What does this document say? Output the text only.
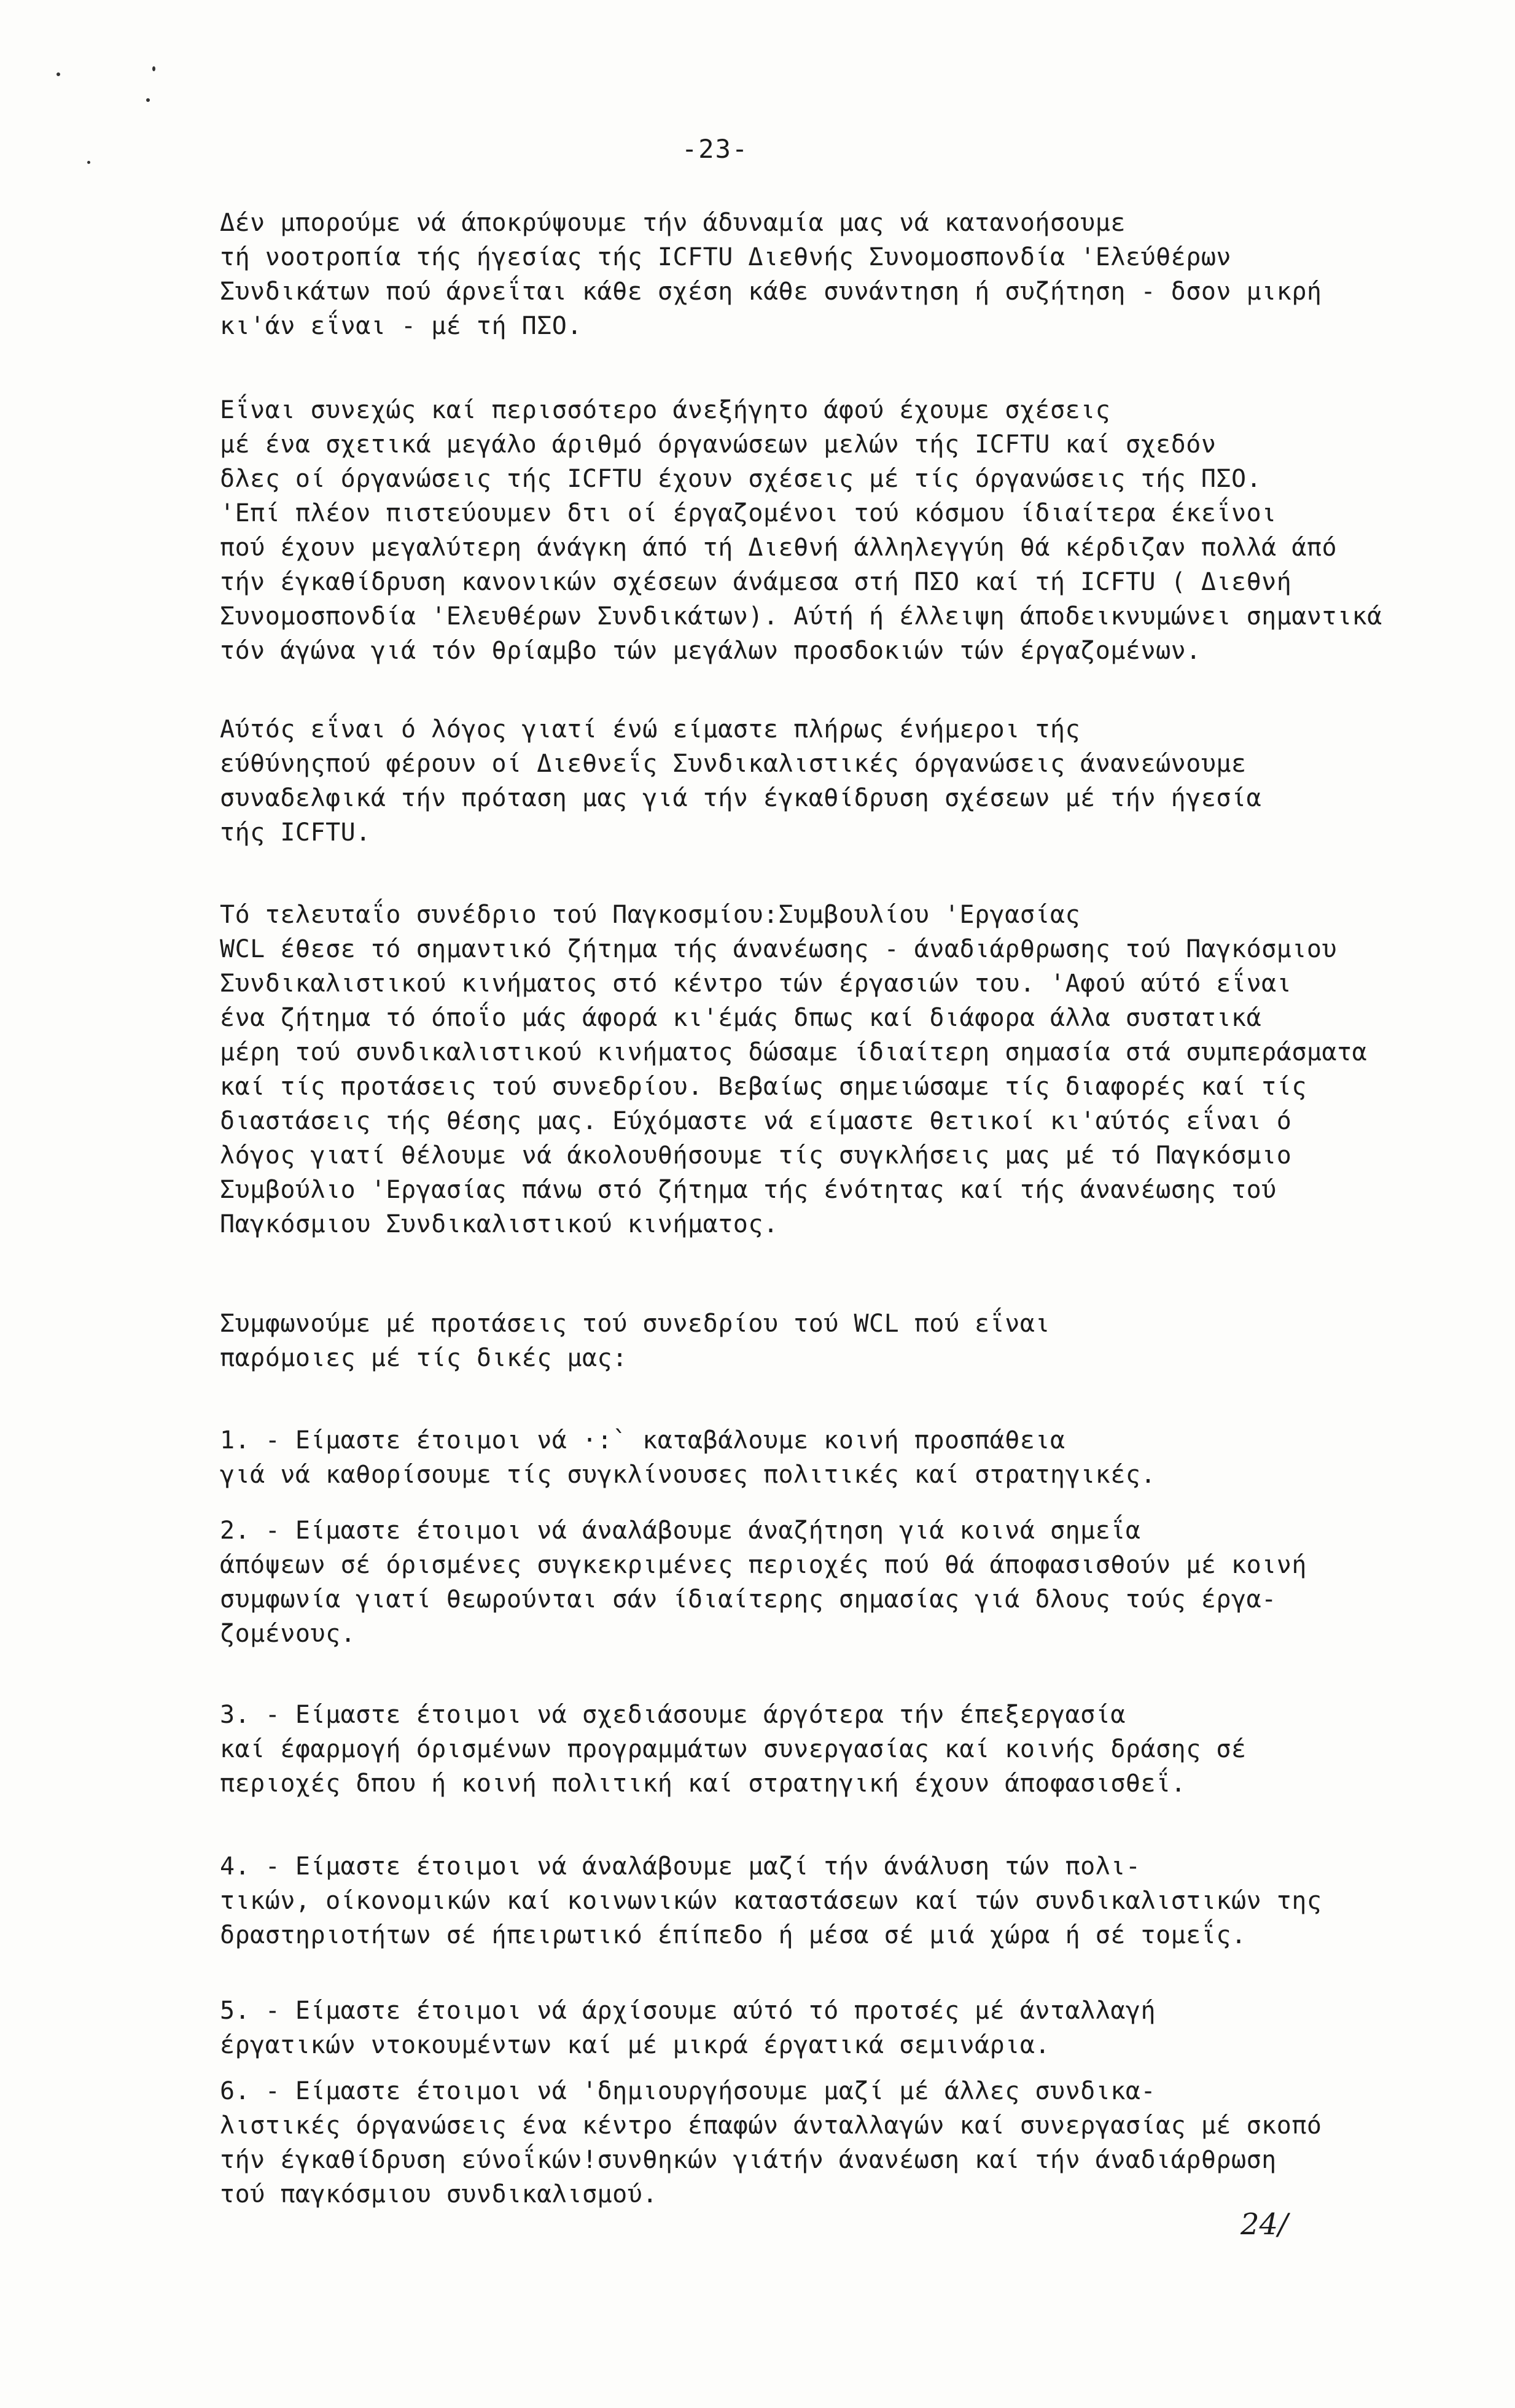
-23-
Δέν μπορούμε νά άποκρύψουμε τήν άδυναμία μας νά κατανοήσουμε
τή νοοτροπία τής ήγεσίας τής ICFTU Διεθνής Συνομοσπονδία 'Ελεύθέρων
Συνδικάτων πού άρνεΐται κάθε σχέση κάθε συνάντηση ή συζήτηση - δσον μικρή
κι'άν εΐναι - μέ τή ΠΣΟ.
Εΐναι συνεχώς καί περισσότερο άνεξήγητο άφού έχουμε σχέσεις
μέ ένα σχετικά μεγάλο άριθμό όργανώσεων μελών τής ICFTU καί σχεδόν
δλες οί όργανώσεις τής ICFTU έχουν σχέσεις μέ τίς όργανώσεις τής ΠΣΟ.
'Επί πλέον πιστεύουμεν δτι οί έργαζομένοι τού κόσμου ίδιαίτερα έκεΐνοι
πού έχουν μεγαλύτερη άνάγκη άπό τή Διεθνή άλληλεγγύη θά κέρδιζαν πολλά άπό
τήν έγκαθίδρυση κανονικών σχέσεων άνάμεσα στή ΠΣΟ καί τή ICFTU ( Διεθνή
Συνομοσπονδία 'Ελευθέρων Συνδικάτων). Αύτή ή έλλειψη άποδεικνυμώνει σημαντικά
τόν άγώνα γιά τόν θρίαμβο τών μεγάλων προσδοκιών τών έργαζομένων.
Αύτός εΐναι ό λόγος γιατί ένώ είμαστε πλήρως ένήμεροι τής
εύθύνηςπού φέρουν οί Διεθνεΐς Συνδικαλιστικές όργανώσεις άνανεώνουμε
συναδελφικά τήν πρόταση μας γιά τήν έγκαθίδρυση σχέσεων μέ τήν ήγεσία
τής ICFTU.
Τό τελευταΐο συνέδριο τού Παγκοσμίου:Συμβουλίου 'Εργασίας
WCL έθεσε τό σημαντικό ζήτημα τής άνανέωσης - άναδιάρθρωσης τού Παγκόσμιου
Συνδικαλιστικού κινήματος στό κέντρο τών έργασιών του. 'Αφού αύτό εΐναι
ένα ζήτημα τό όποΐο μάς άφορά κι'έμάς δπως καί διάφορα άλλα συστατικά
μέρη τού συνδικαλιστικού κινήματος δώσαμε ίδιαίτερη σημασία στά συμπεράσματα
καί τίς προτάσεις τού συνεδρίου. Βεβαίως σημειώσαμε τίς διαφορές καί τίς
διαστάσεις τής θέσης μας. Εύχόμαστε νά είμαστε θετικοί κι'αύτός εΐναι ό
λόγος γιατί θέλουμε νά άκολουθήσουμε τίς συγκλήσεις μας μέ τό Παγκόσμιο
Συμβούλιο 'Εργασίας πάνω στό ζήτημα τής ένότητας καί τής άνανέωσης τού
Παγκόσμιου Συνδικαλιστικού κινήματος.
Συμφωνούμε μέ προτάσεις τού συνεδρίου τού WCL πού εΐναι
παρόμοιες μέ τίς δικές μας:
1. - Είμαστε έτοιμοι νά ·:` καταβάλουμε κοινή προσπάθεια
γιά νά καθορίσουμε τίς συγκλίνουσες πολιτικές καί στρατηγικές.
2. - Είμαστε έτοιμοι νά άναλάβουμε άναζήτηση γιά κοινά σημεΐα
άπόψεων σέ όρισμένες συγκεκριμένες περιοχές πού θά άποφασισθούν μέ κοινή
συμφωνία γιατί θεωρούνται σάν ίδιαίτερης σημασίας γιά δλους τούς έργα-
ζομένους.
3. - Είμαστε έτοιμοι νά σχεδιάσουμε άργότερα τήν έπεξεργασία
καί έφαρμογή όρισμένων προγραμμάτων συνεργασίας καί κοινής δράσης σέ
περιοχές δπου ή κοινή πολιτική καί στρατηγική έχουν άποφασισθεΐ.
4. - Είμαστε έτοιμοι νά άναλάβουμε μαζί τήν άνάλυση τών πολι-
τικών, οίκονομικών καί κοινωνικών καταστάσεων καί τών συνδικαλιστικών της
δραστηριοτήτων σέ ήπειρωτικό έπίπεδο ή μέσα σέ μιά χώρα ή σέ τομεΐς.
5. - Είμαστε έτοιμοι νά άρχίσουμε αύτό τό προτσές μέ άνταλλαγή
έργατικών ντοκουμέντων καί μέ μικρά έργατικά σεμινάρια.
6. - Είμαστε έτοιμοι νά 'δημιουργήσουμε μαζί μέ άλλες συνδικα-
λιστικές όργανώσεις ένα κέντρο έπαφών άνταλλαγών καί συνεργασίας μέ σκοπό
τήν έγκαθίδρυση εύνοΐκών!συνθηκών γιάτήν άνανέωση καί τήν άναδιάρθρωση
τού παγκόσμιου συνδικαλισμού.
24/
